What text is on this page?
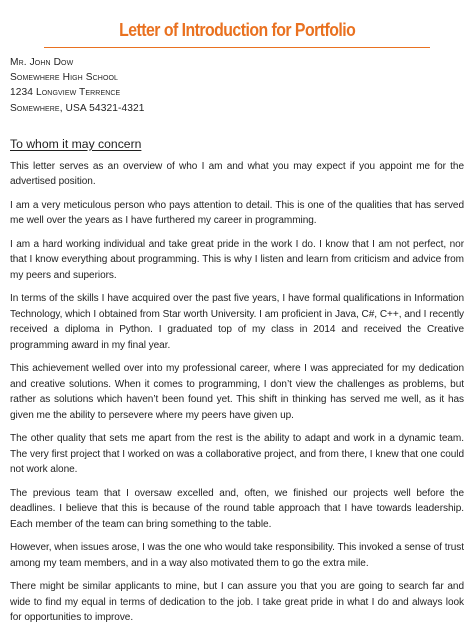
Letter of Introduction for Portfolio
Mr. John Dow
Somewhere High School
1234 Longview Terrence
Somewhere, USA 54321-4321
To whom it may concern

This letter serves as an overview of who I am and what you may expect if you appoint me for the advertised position.

I am a very meticulous person who pays attention to detail. This is one of the qualities that has served me well over the years as I have furthered my career in programming.

I am a hard working individual and take great pride in the work I do. I know that I am not perfect, nor that I know everything about programming. This is why I listen and learn from criticism and advice from my peers and superiors.

In terms of the skills I have acquired over the past five years, I have formal qualifications in Information Technology, which I obtained from Star worth University. I am proficient in Java, C#, C++, and I recently received a diploma in Python. I graduated top of my class in 2014 and received the Creative programming award in my final year.

This achievement welled over into my professional career, where I was appreciated for my dedication and creative solutions. When it comes to programming, I don’t view the challenges as problems, but rather as solutions which haven’t been found yet. This shift in thinking has served me well, as it has given me the ability to persevere where my peers have given up.

The other quality that sets me apart from the rest is the ability to adapt and work in a dynamic team. The very first project that I worked on was a collaborative project, and from there, I knew that one could not work alone.

The previous team that I oversaw excelled and, often, we finished our projects well before the deadlines. I believe that this is because of the round table approach that I have towards leadership. Each member of the team can bring something to the table.

However, when issues arose, I was the one who would take responsibility. This invoked a sense of trust among my team members, and in a way also motivated them to go the extra mile.

There might be similar applicants to mine, but I can assure you that you are going to search far and wide to find my equal in terms of dedication to the job. I take great pride in what I do and always look for opportunities to improve.
